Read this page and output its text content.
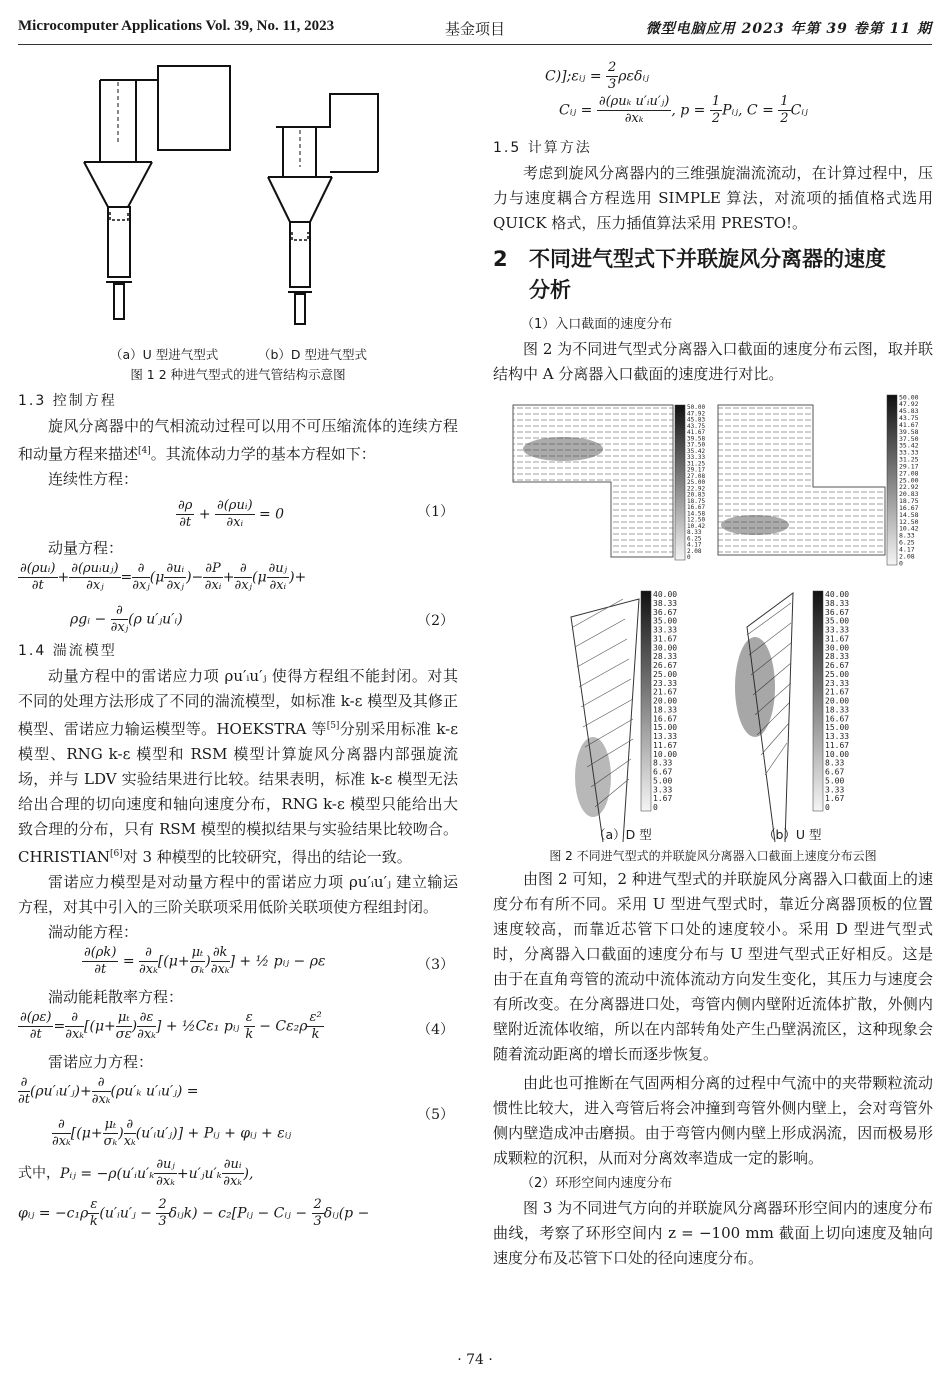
Microcomputer Applications Vol. 39, No. 11, 2023	基金项目	微型电脑应用 2023 年第 39 卷第 11 期
（a）U 型进气型式	（b）D 型进气型式
图 1 2 种进气型式的进气管结构示意图
1.3 控制方程

旋风分离器中的气相流动过程可以用不可压缩流体的连续方程和动量方程来描述[4]。其流体动力学的基本方程如下：

连续性方程：

$\frac{\partial\rho}{\partial t} + \frac{\text{∂(ρuᵢ)}}{\text{∂xᵢ}} = 0$	（1）

动量方程：

$\frac{\text{∂(ρuᵢ)}}{\partial t} + \frac{\text{∂(ρuᵢuⱼ)}}{\text{∂xⱼ}} = \frac{\partial}{\text{∂xⱼ}} (\mu \frac{\text{∂uᵢ}}{\text{∂xⱼ}}$ )− $\frac{\partial P}{\text{∂xᵢ}} + \frac{\partial}{\text{∂xⱼ}} (\mu \frac{\text{∂uⱼ}}{\text{∂xᵢ}}$ )+
ρgᵢ − $\frac{\partial}{\text{∂xⱼ}} (\rho$ u′ⱼu′ᵢ)	（2）
1.4 湍流模型

动量方程中的雷诺应力项 ρu′ᵢu′ⱼ 使得方程组不能封闭。对其不同的处理方法形成了不同的湍流模型，如标准 k-ε 模型及其修正模型、雷诺应力输运模型等。HOEKSTRA 等[5]分别采用标准 k-ε 模型、RNG k-ε 模型和 RSM 模型计算旋风分离器内部强旋流场，并与 LDV 实验结果进行比较。结果表明，标准 k-ε 模型无法给出合理的切向速度和轴向速度分布，RNG k-ε 模型只能给出大致合理的分布，只有 RSM 模型的模拟结果与实验结果比较吻合。CHRISTIAN[6]对 3 种模型的比较研究，得出的结论一致。

雷诺应力模型是对动量方程中的雷诺应力项 ρu′ᵢu′ⱼ 建立输运方程，对其中引入的三阶关联项采用低阶关联项使方程组封闭。

湍动能方程：

$\frac{\partial(\rho k)}{\partial t} = \frac{\partial}{\text{∂xₖ}} [(\mu+ \frac{\text{μₜ}}{\text{σₖ}}$ ) $\frac{\partial k}{\text{∂xₖ}}$ ] + ½ pᵢⱼ − ρε	（3）

湍动能耗散率方程：

$\frac{\partial(\rho\varepsilon)}{\partial t} = \frac{\partial}{\text{∂xₖ}} [(\mu+ \frac{\text{μₜ}}{\sigma\varepsilon}$ ) $\frac{\partial\varepsilon}{\text{∂xₖ}}$ ] + ½Cε₁ pᵢⱼ $\frac{\varepsilon}{k} - C\varepsilon_2\rho \frac{\text{ε²}}{k}$	（4）

雷诺应力方程：

$\frac{\partial}{\partial t}$ (ρu′ᵢu′ⱼ)+ $\frac{\partial}{\text{∂xₖ}} (\rho u'_k$ u′ᵢu′ⱼ) =
$\frac{\partial}{\text{∂xₖ}} [(\mu+ \frac{\text{μₜ}}{\text{σₖ}}$ ) $\frac{\partial}{\text{xₖ}}$ (u′ᵢu′ⱼ)] + Pᵢⱼ + φᵢⱼ + εᵢⱼ
（5）
式中，Pᵢⱼ = −ρ(u′ᵢu′ₖ $\frac{\text{∂uⱼ}}{\text{∂xₖ}}$ +u′ⱼu′ₖ $\frac{\text{∂uᵢ}}{\text{∂xₖ}}$ ),
φᵢⱼ = $-c_1\rho \frac{\varepsilon}{k}$ (u′ᵢu′ⱼ − $\frac{2}{3}$ δᵢⱼk) − c₂[Pᵢⱼ − Cᵢⱼ − $\frac{2}{3}$ δᵢⱼ(p −
C)];εᵢⱼ = $\frac{2}{3}$ ρεδᵢⱼ
Cᵢⱼ = $\frac{\text{∂(ρuₖ u′ᵢu′ⱼ)}}{\text{∂xₖ}}$ , $p = \frac{1}{2}$ Pᵢⱼ, $C = \frac{1}{2}$ Cᵢⱼ
1.5 计算方法

考虑到旋风分离器内的三维强旋湍流流动，在计算过程中，压力与速度耦合方程选用 SIMPLE 算法，对流项的插值格式选用 QUICK 格式，压力插值算法采用 PRESTO!。

2 不同进气型式下并联旋风分离器的速度
分析

（1）入口截面的速度分布

图 2 为不同进气型式分离器入口截面的速度分布云图，取并联结构中 A 分离器入口截面的速度进行对比。

50.00
47.92
45.83
43.75
41.67
39.58
37.50
35.42
33.33
31.25
29.17
27.08
25.00
22.92
20.83
18.75
16.67
14.58
12.50
10.42
8.33
6.25
4.17
2.08
0
50.00
47.92
45.83
43.75
41.67
39.58
37.50
35.42
33.33
31.25
29.17
27.08
25.00
22.92
20.83
18.75
16.67
14.58
12.50
10.42
8.33
6.25
4.17
2.08
0
40.00
38.33
36.67
35.00
33.33
31.67
30.00
28.33
26.67
25.00
23.33
21.67
20.00
18.33
16.67
15.00
13.33
11.67
10.00
8.33
6.67
5.00
3.33
1.67
0
40.00
38.33
36.67
35.00
33.33
31.67
30.00
28.33
26.67
25.00
23.33
21.67
20.00
18.33
16.67
15.00
13.33
11.67
10.00
8.33
6.67
5.00
3.33
1.67
0
（a）D 型	（b）U 型
图 2 不同进气型式的并联旋风分离器入口截面上速度分布云图

由图 2 可知，2 种进气型式的并联旋风分离器入口截面上的速度分布有所不同。采用 U 型进气型式时，靠近分离器顶板的位置速度较高，而靠近芯管下口处的速度较小。采用 D 型进气型式时，分离器入口截面的速度分布与 U 型进气型式正好相反。这是由于在直角弯管的流动中流体流动方向发生变化，其压力与速度会有所改变。在分离器进口处，弯管内侧内壁附近流体扩散，外侧内壁附近流体收缩，所以在内部转角处产生凸壁涡流区，这种现象会随着流动距离的增长而逐步恢复。

由此也可推断在气固两相分离的过程中气流中的夹带颗粒流动惯性比较大，进入弯管后将会冲撞到弯管外侧内壁上，会对弯管外侧内壁造成冲击磨损。由于弯管内侧内壁上形成涡流，因而极易形成颗粒的沉积，从而对分离效率造成一定的影响。

（2）环形空间内速度分布

图 3 为不同进气方向的并联旋风分离器环形空间内的速度分布曲线，考察了环形空间内 z = −100 mm 截面上切向速度及轴向速度分布及芯管下口处的径向速度分布。

· 74 ·
